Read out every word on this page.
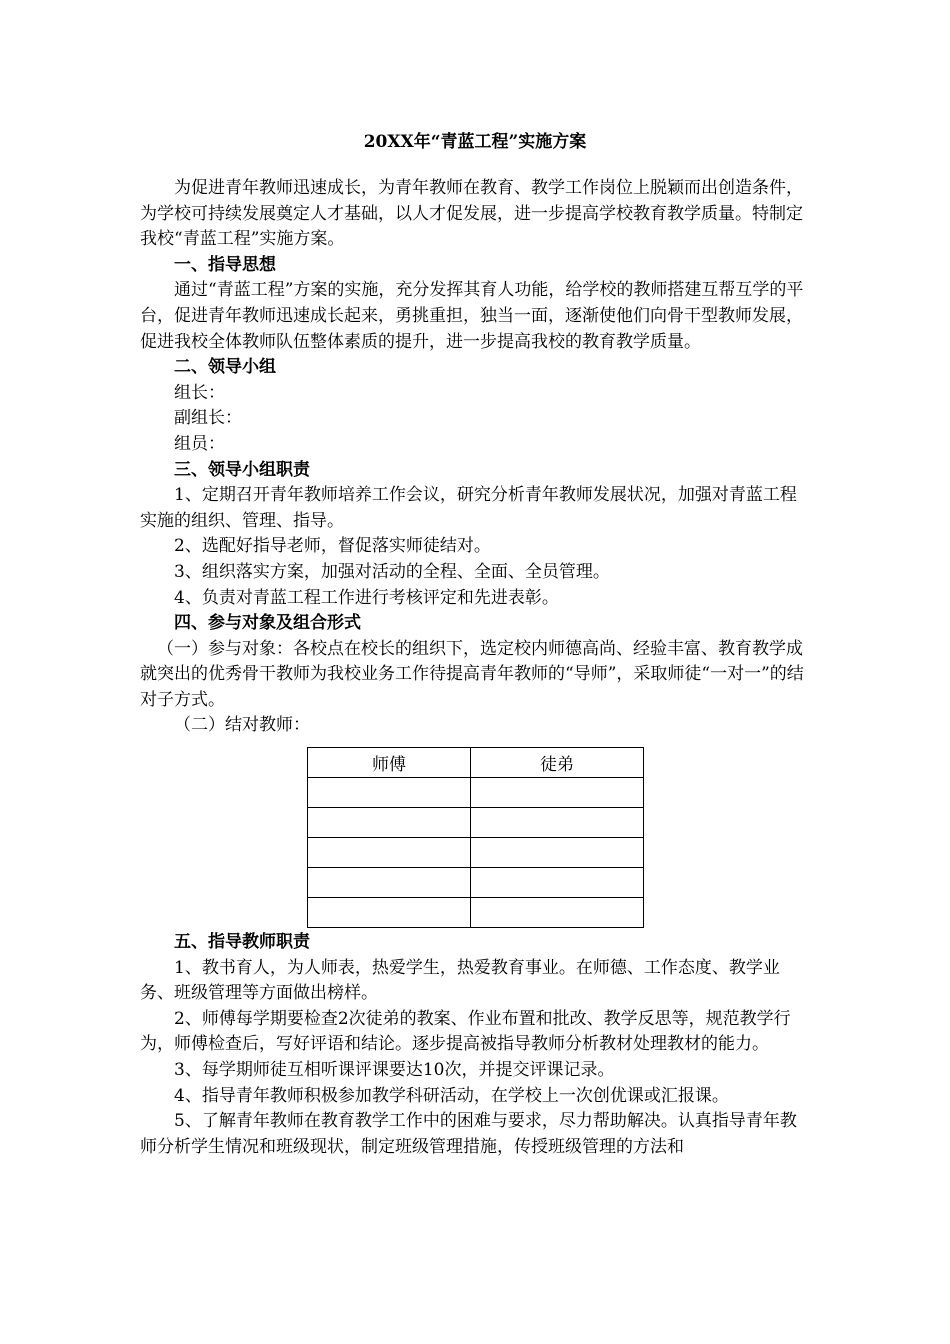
20XX年“青蓝工程”实施方案

为促进青年教师迅速成长，为青年教师在教育、教学工作岗位上脱颖而出创造条件，为学校可持续发展奠定人才基础，以人才促发展，进一步提高学校教育教学质量。特制定我校“青蓝工程”实施方案。

一、指导思想

通过“青蓝工程”方案的实施，充分发挥其育人功能，给学校的教师搭建互帮互学的平台，促进青年教师迅速成长起来，勇挑重担，独当一面，逐渐使他们向骨干型教师发展，促进我校全体教师队伍整体素质的提升，进一步提高我校的教育教学质量。

二、领导小组

组长：

副组长：

组员：

三、领导小组职责

1、定期召开青年教师培养工作会议，研究分析青年教师发展状况，加强对青蓝工程实施的组织、管理、指导。

2、选配好指导老师，督促落实师徒结对。

3、组织落实方案，加强对活动的全程、全面、全员管理。

4、负责对青蓝工程工作进行考核评定和先进表彰。

四、参与对象及组合形式

（一）参与对象：各校点在校长的组织下，选定校内师德高尚、经验丰富、教育教学成就突出的优秀骨干教师为我校业务工作待提高青年教师的“导师”，采取师徒“一对一”的结对子方式。

（二）结对教师：

师傅	徒弟

五、指导教师职责

1、教书育人，为人师表，热爱学生，热爱教育事业。在师德、工作态度、教学业务、班级管理等方面做出榜样。

2、师傅每学期要检查2次徒弟的教案、作业布置和批改、教学反思等，规范教学行为，师傅检查后，写好评语和结论。逐步提高被指导教师分析教材处理教材的能力。

3、每学期师徒互相听课评课要达10次，并提交评课记录。

4、指导青年教师积极参加教学科研活动，在学校上一次创优课或汇报课。

5、了解青年教师在教育教学工作中的困难与要求，尽力帮助解决。认真指导青年教师分析学生情况和班级现状，制定班级管理措施，传授班级管理的方法和
